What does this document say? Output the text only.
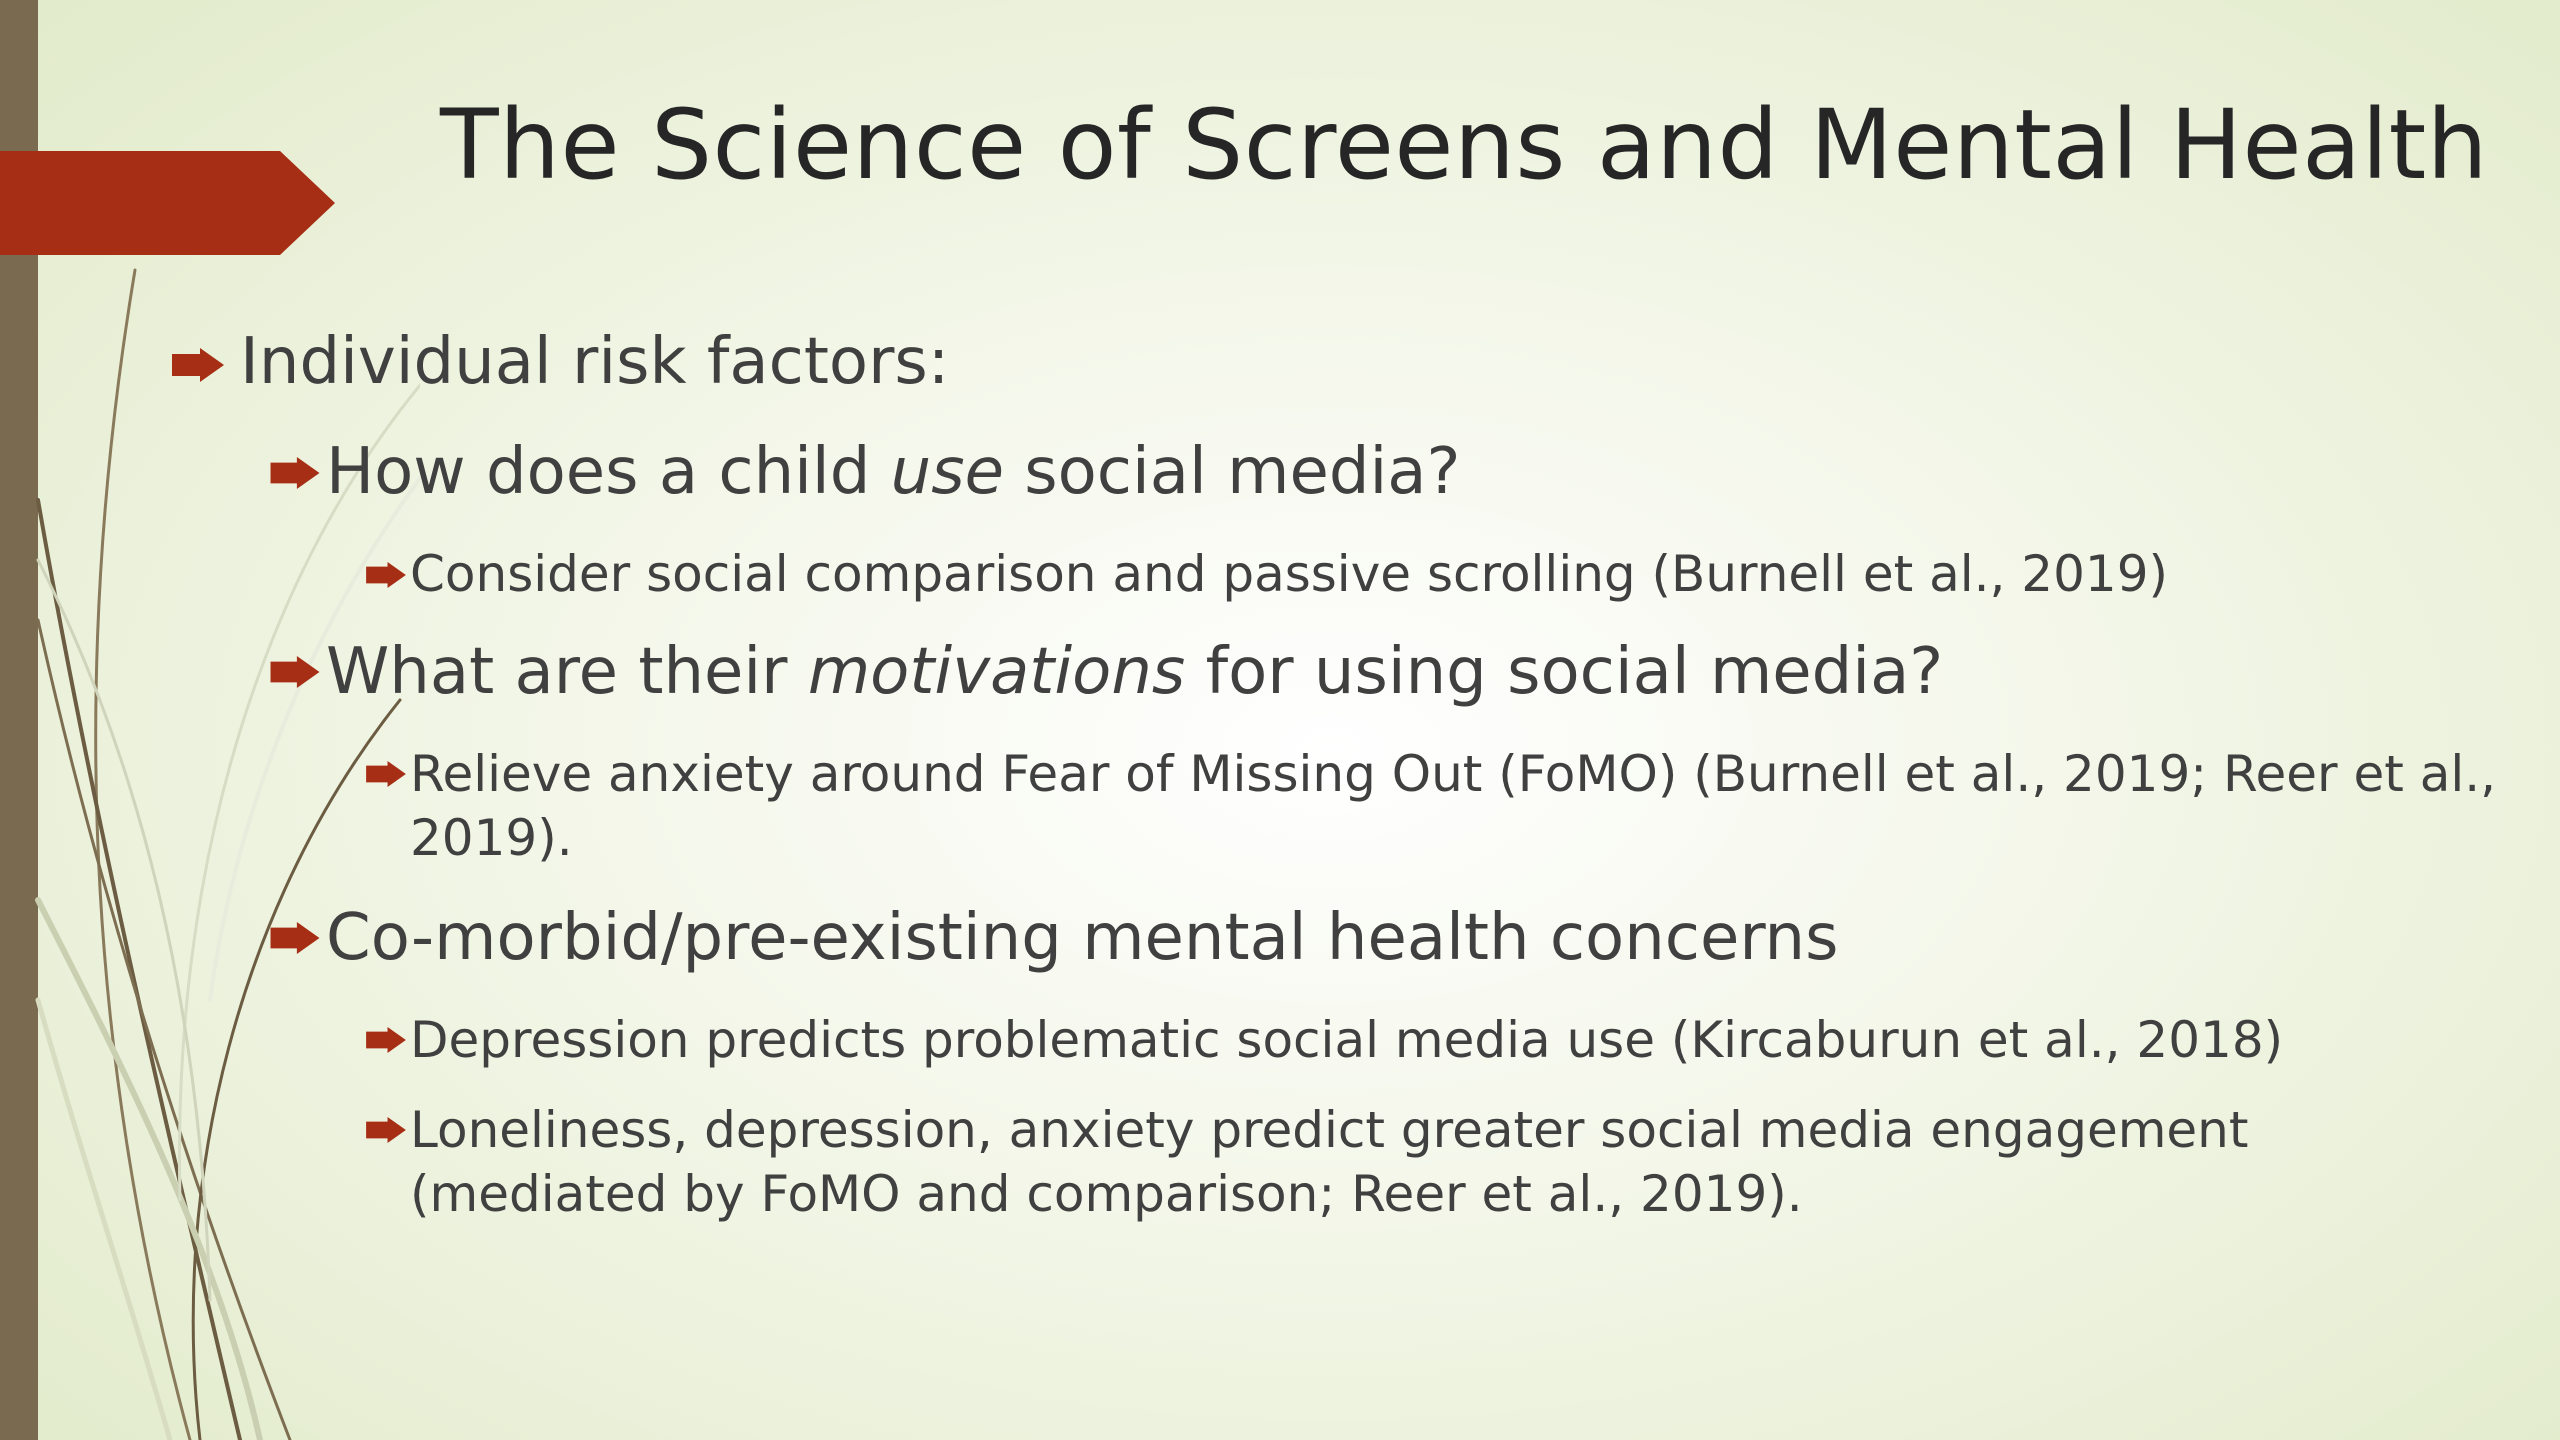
The Science of Screens and Mental Health
Individual risk factors:
How does a child use social media?
Consider social comparison and passive scrolling (Burnell et al., 2019)
What are their motivations for using social media?
Relieve anxiety around Fear of Missing Out (FoMO) (Burnell et al., 2019; Reer et al.,
2019).
Co-morbid/pre-existing mental health concerns
Depression predicts problematic social media use (Kircaburun et al., 2018)
Loneliness, depression, anxiety predict greater social media engagement
(mediated by FoMO and comparison; Reer et al., 2019).
